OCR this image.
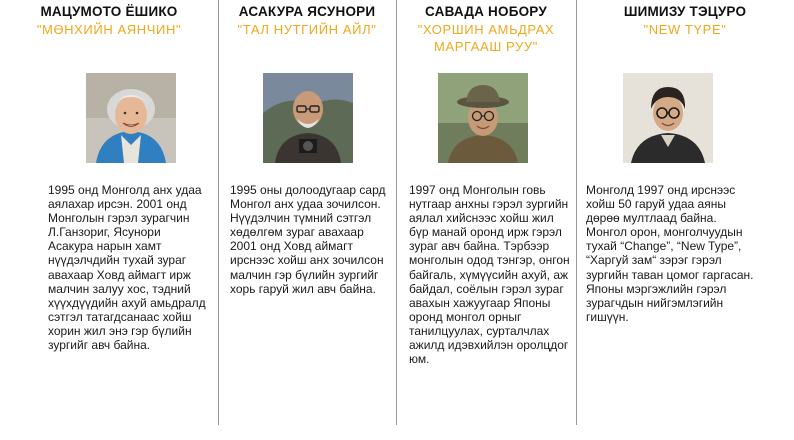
МАЦУМОТО ЁШИКО
"МӨНХИЙН АЯНЧИН"
1995 онд Монголд анх удаа аялахар ирсэн. 2001 онд Монголын гэрэл зурагчин Л.Ганзориг, Ясунори Асакура нарын хамт нүүдэлчдийн тухай зураг авахаар Ховд аймагт ирж малчин залуу хос, тэдний хүүхдүүдийн ахуй амьдралд сэтгэл татагдсанаас хойш хорин жил энэ гэр бүлийн зургийг авч байна.
АСАКУРА ЯСУНОРИ
"ТАЛ НУТГИЙН АЙЛ"
1995 оны долоодугаар сард Монгол анх удаа зочилсон. Нүүдэлчин түмний сэтгэл хөдөлгөм зураг авахаар 2001 онд Ховд аймагт ирснээс хойш анх зочилсон малчин гэр бүлийн зургийг хорь гаруй жил авч байна.
САВАДА НОБОРУ
"ХОРШИН АМЬДРАХ МАРГААШ РУУ"
1997 онд Монголын говь нутгаар анхны гэрэл зургийн аялал хийснээс хойш жил бүр манай оронд ирж гэрэл зураг авч байна. Тэрбээр монголын одод тэнгэр, онгон байгаль, хүмүүсийн ахуй, аж байдал, соёлын гэрэл зураг авахын хажуугаар Японы оронд монгол орныг танилцуулах, сурталчлах ажилд идэвхийлэн оролцдог юм.
ШИМИЗУ ТЭЦУРО
"NEW TYPE"
Монголд 1997 онд ирснээс хойш 50 гаруй удаа аяны дөрөө мултлаад байна. Монгол орон, монголчуудын тухай “Change”, “New Type”, “Харгуй зам“ зэрэг гэрэл зургийн таван цомог гаргасан. Японы мэргэжлийн гэрэл зурагчдын нийгэмлэгийн гишүүн.
